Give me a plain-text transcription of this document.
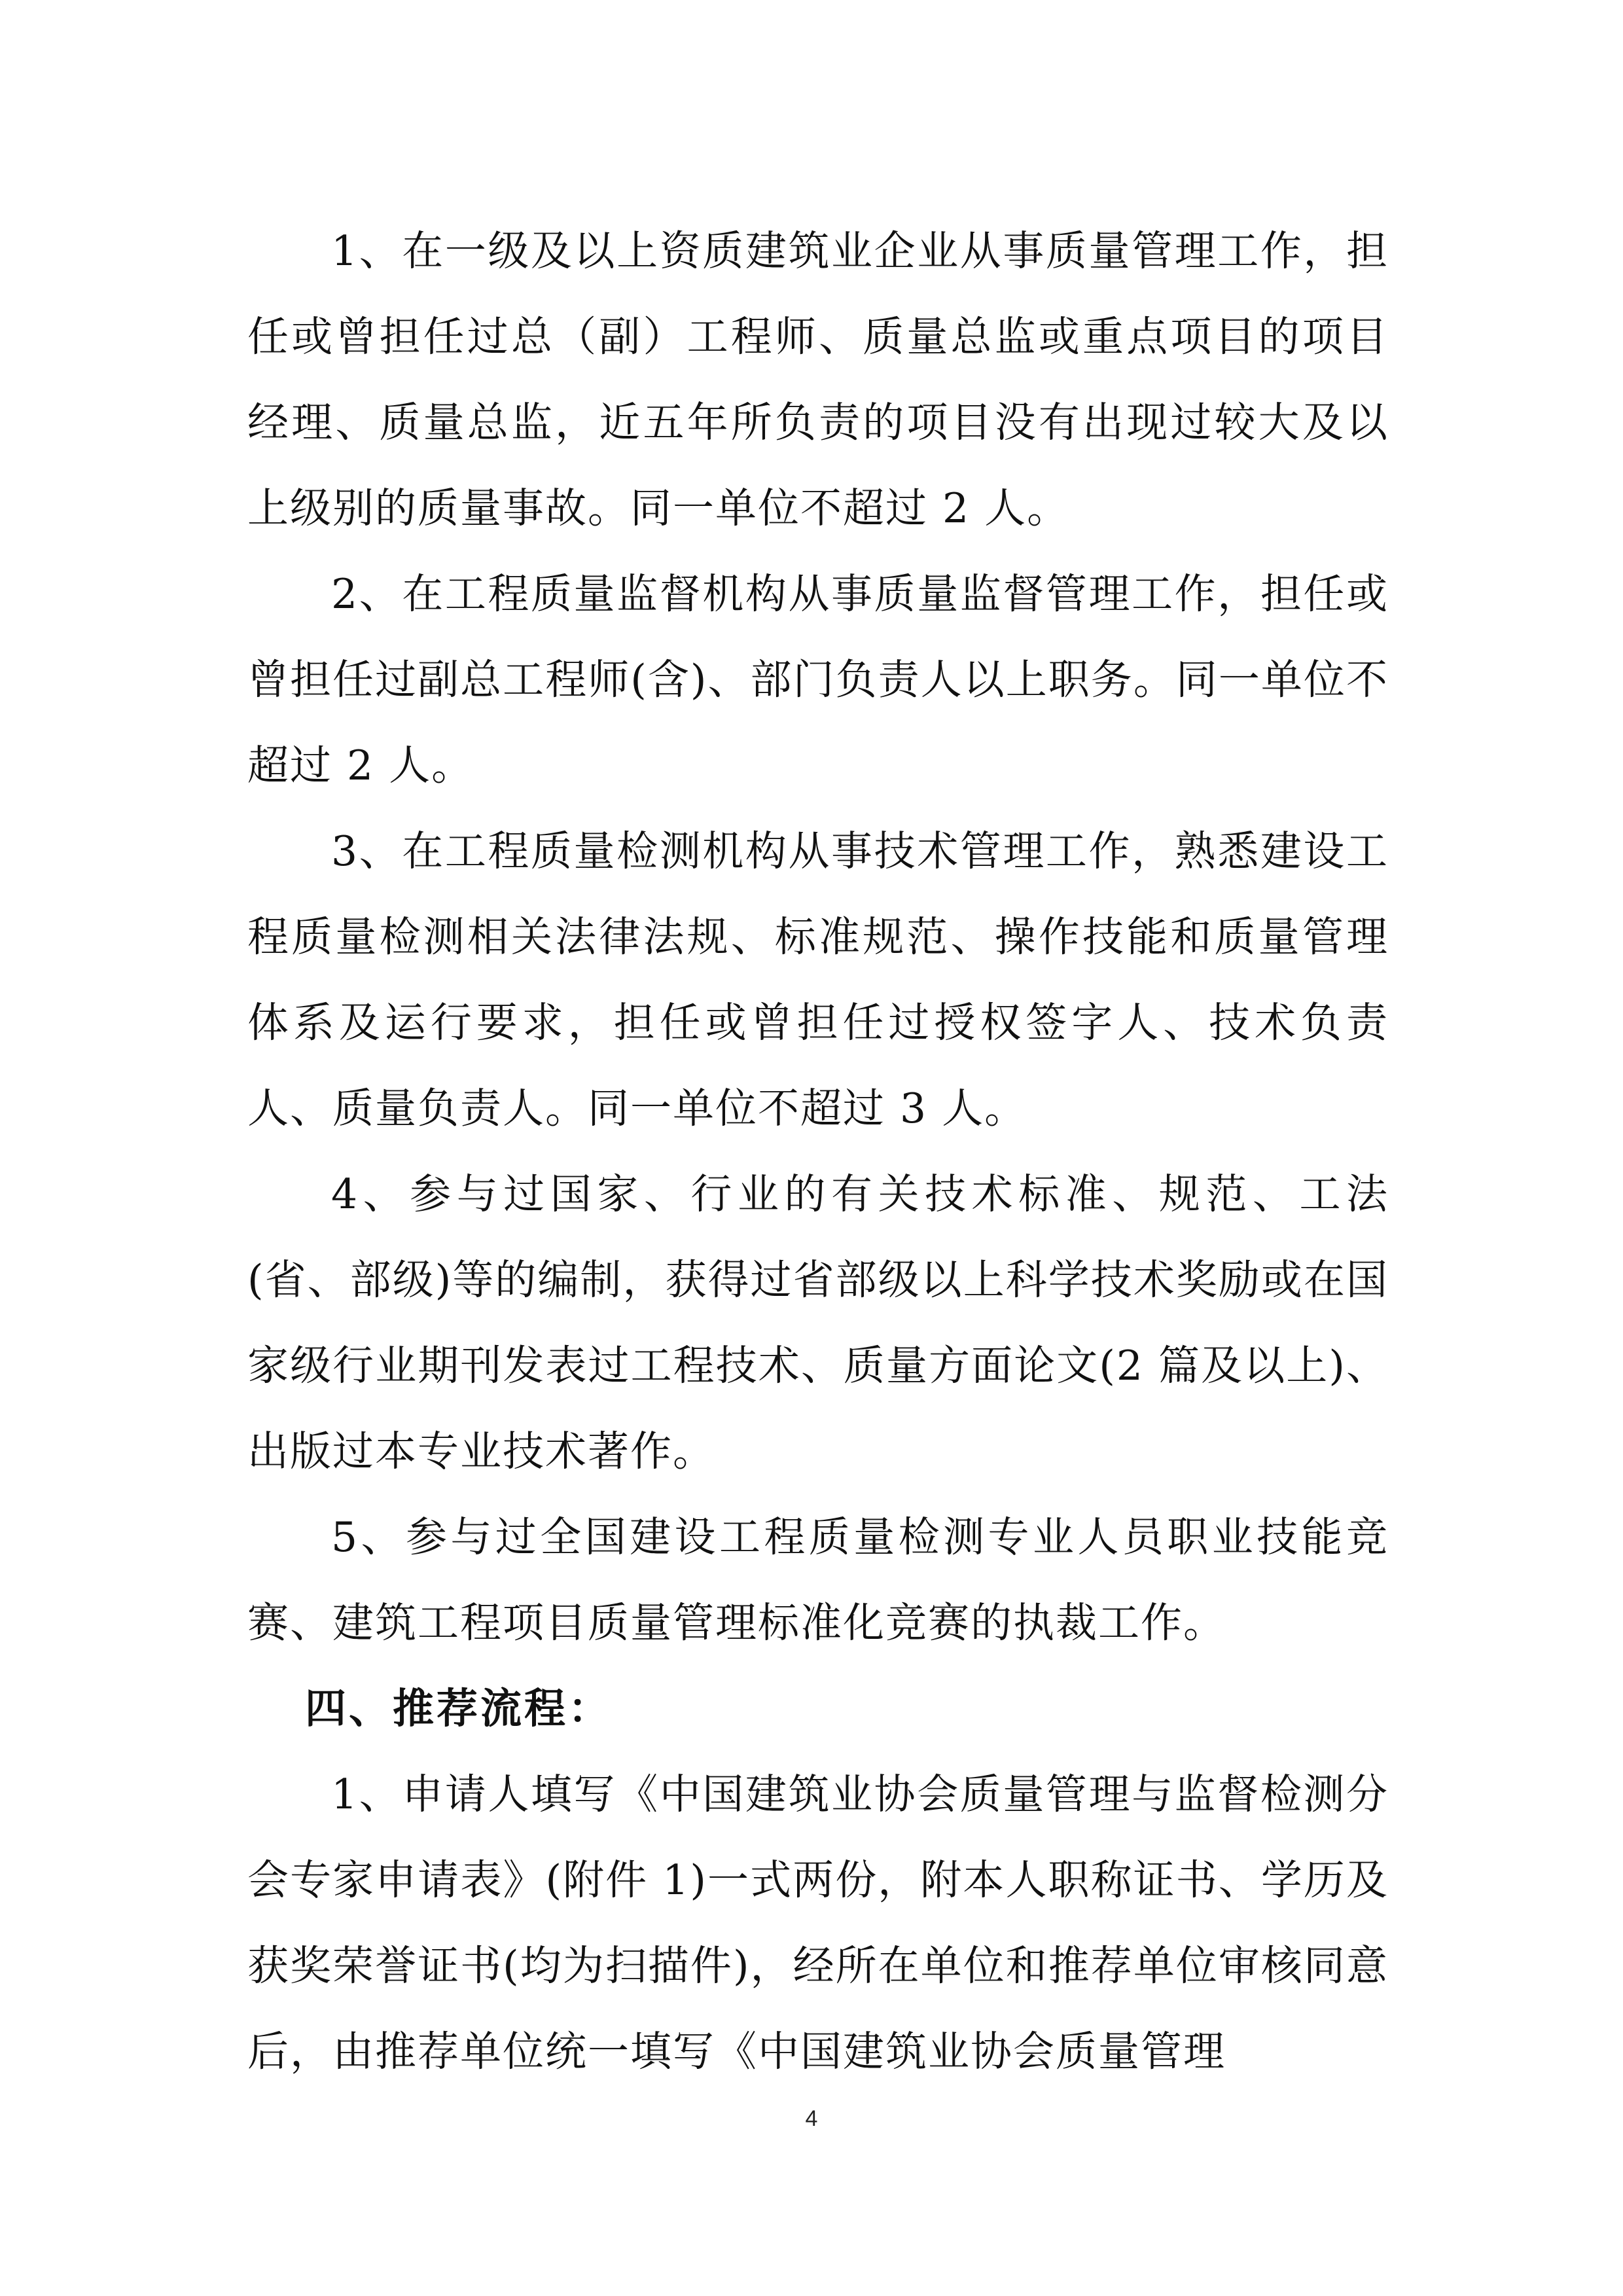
1、在一级及以上资质建筑业企业从事质量管理工作，担任或曾担任过总（副）工程师、质量总监或重点项目的项目经理、质量总监，近五年所负责的项目没有出现过较大及以上级别的质量事故。同一单位不超过 2 人。

2、在工程质量监督机构从事质量监督管理工作，担任或曾担任过副总工程师(含)、部门负责人以上职务。同一单位不超过 2 人。

3、在工程质量检测机构从事技术管理工作，熟悉建设工程质量检测相关法律法规、标准规范、操作技能和质量管理体系及运行要求，担任或曾担任过授权签字人、技术负责人、质量负责人。同一单位不超过 3 人。

4、参与过国家、行业的有关技术标准、规范、工法(省、部级)等的编制，获得过省部级以上科学技术奖励或在国家级行业期刊发表过工程技术、质量方面论文(2 篇及以上)、出版过本专业技术著作。

5、参与过全国建设工程质量检测专业人员职业技能竞赛、建筑工程项目质量管理标准化竞赛的执裁工作。

四、推荐流程：

1、申请人填写《中国建筑业协会质量管理与监督检测分会专家申请表》(附件 1)一式两份，附本人职称证书、学历及获奖荣誉证书(均为扫描件)，经所在单位和推荐单位审核同意后，由推荐单位统一填写《中国建筑业协会质量管理

4
